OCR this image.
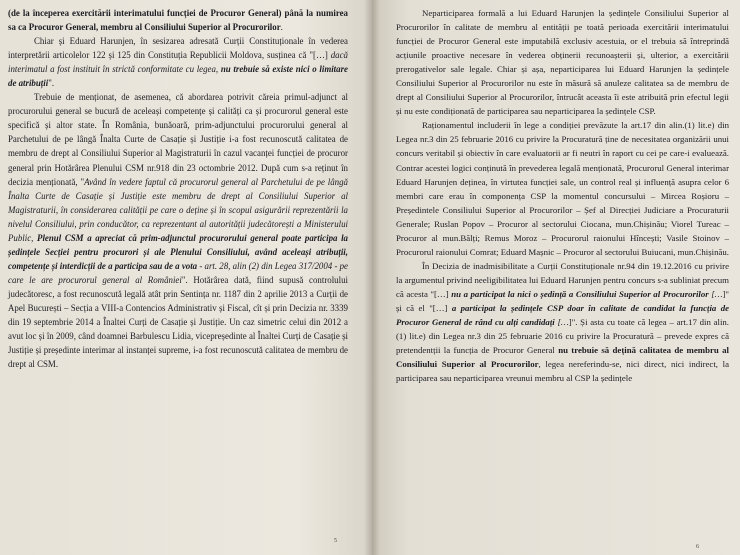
(de la începerea exercitării interimatului funcției de Procuror General) până la numirea sa ca Procuror General, membru al Consiliului Superior al Procurorilor.

Chiar și Eduard Harunjen, în sesizarea adresată Curții Constituționale în vederea interpretării articolelor 122 și 125 din Constituția Republicii Moldova, susținea că "[…] dacă interimatul a fost instituit în strictă conformitate cu legea, nu trebuie să existe nici o limitare de atribuții".

Trebuie de menționat, de asemenea, că abordarea potrivit căreia primul-adjunct al procurorului general se bucură de aceleași competențe și calități ca și procurorul general este specifică și altor state. În România, bunăoară, prim-adjunctului procurorului general al Parchetului de pe lângă Înalta Curte de Casație și Justiție i-a fost recunoscută calitatea de membru de drept al Consiliului Superior al Magistraturii în cazul vacanței funcției de procuror general prin Hotărârea Plenului CSM nr.918 din 23 octombrie 2012. După cum s-a reținut în decizia menționată, "Având în vedere faptul că procurorul general al Parchetului de pe lângă Înalta Curte de Casație și Justiție este membru de drept al Consiliului Superior al Magistraturii, în considerarea calității pe care o deține și în scopul asigurării reprezentării la nivelul Consiliului, prin conducător, ca reprezentant al autorității judecătorești a Ministerului Public, Plenul CSM a apreciat că prim-adjunctul procurorului general poate participa la ședințele Secției pentru procurori și ale Plenului Consiliului, având aceleași atribuții, competențe și interdicții de a participa sau de a vota - art. 28, alin (2) din Legea 317/2004 - pe care le are procurorul general al României". Hotărârea dată, fiind supusă controlului judecătoresc, a fost recunoscută legală atât prin Sentința nr. 1187 din 2 aprilie 2013 a Curții de Apel București – Secția a VIII-a Contencios Administrativ și Fiscal, cît și prin Decizia nr. 3339 din 19 septembrie 2014 a Înaltei Curți de Casație și Justiție. Un caz simetric celui din 2012 a avut loc și în 2009, când doamnei Barbulescu Lidia, vicepreședinte al Înaltei Curți de Casație și Justiție și președinte interimar al instanței supreme, i-a fost recunoscută calitatea de membru de drept al CSM.

5

Neparticiparea formală a lui Eduard Harunjen la ședințele Consiliului Superior al Procurorilor în calitate de membru al entității pe toată perioada exercitării interimatului funcției de Procuror General este imputabilă exclusiv acestuia, or el trebuia să întreprindă acțiunile proactive necesare în vederea obținerii recunoașterii și, ulterior, a exercitării prerogativelor sale legale. Chiar și așa, neparticiparea lui Eduard Harunjen la ședințele Consiliului Superior al Procurorilor nu este în măsură să anuleze calitatea sa de membru de drept al Consiliului Superior al Procurorilor, întrucât aceasta îi este atribuită prin efectul legii și nu este condiționată de participarea sau neparticiparea la ședințele CSP.

Raționamentul includerii în lege a condiției prevăzute la art.17 din alin.(1) lit.e) din Legea nr.3 din 25 februarie 2016 cu privire la Procuratură ține de necesitatea organizării unui concurs veritabil și obiectiv în care evaluatorii ar fi neutri în raport cu cei pe care-i evaluează. Contrar acestei logici conținută în prevederea legală menționată, Procurorul General interimar Eduard Harunjen deținea, în virtutea funcției sale, un control real și influență asupra celor 6 membri care erau în componența CSP la momentul concursului – Mircea Roșioru – Președintele Consiliului Superior al Procurorilor – Șef al Direcției Judiciare a Procuraturii Generale; Ruslan Popov – Procuror al sectorului Ciocana, mun.Chișinău; Viorel Tureac – Procuror al mun.Bălți; Remus Moroz – Procurorul raionului Hîncești; Vasile Stoinov – Procurorul raionului Comrat; Eduard Mașnic – Procuror al sectorului Buiucani, mun.Chișinău.

În Decizia de inadmisibilitate a Curții Constituționale nr.94 din 19.12.2016 cu privire la argumentul privind neeligibilitatea lui Eduard Harunjen pentru concurs s-a subliniat precum că acesta "[…] nu a participat la nici o ședință a Consiliului Superior al Procurorilor […]" și că el "[…] a participat la ședințele CSP doar în calitate de candidat la funcția de Procuror General de rând cu alți candidați […]". Și asta cu toate că legea – art.17 din alin.(1) lit.e) din Legea nr.3 din 25 februarie 2016 cu privire la Procuratură – prevede expres că pretendentții la funcția de Procuror General nu trebuie să dețină calitatea de membru al Consiliului Superior al Procurorilor, legea nereferindu-se, nici direct, nici indirect, la participarea sau neparticiparea vreunui membru al CSP la ședințele

6
